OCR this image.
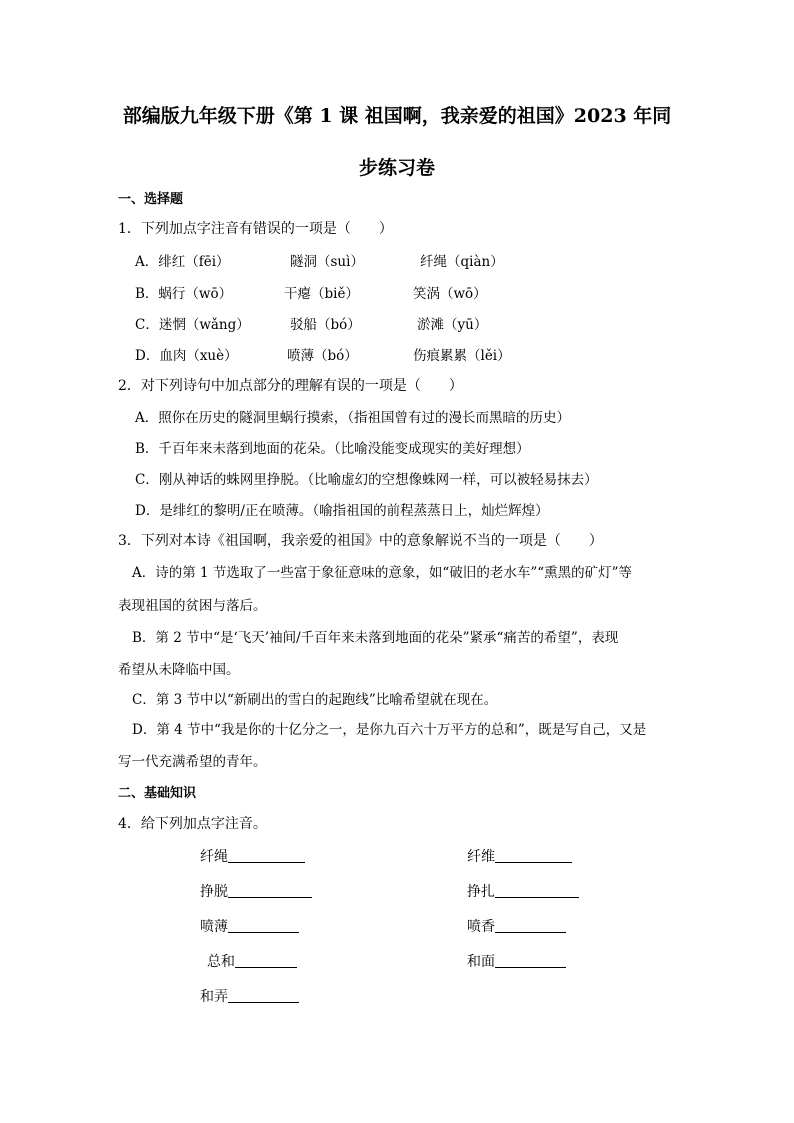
部编版九年级下册《第 1 课 祖国啊，我亲爱的祖国》2023 年同
步练习卷
一、选择题
1．下列加点字注音有错误的一项是（　　）
A．绯红（fēi）	隧洞（suì）	纤绳（qiàn）
B．蜗行（wō）	干瘪（biě）	笑涡（wō）
C．迷惘（wǎng）	驳船（bó）	淤滩（yū）
D．血肉（xuè）	喷薄（bó）	伤痕累累（lěi）
2．对下列诗句中加点部分的理解有误的一项是（　　）
A．照你在历史的隧洞里蜗行摸索，（指祖国曾有过的漫长而黑暗的历史）
B．千百年来未落到地面的花朵。（比喻没能变成现实的美好理想）
C．刚从神话的蛛网里挣脱。（比喻虚幻的空想像蛛网一样，可以被轻易抹去）
D．是绯红的黎明/正在喷薄。（喻指祖国的前程蒸蒸日上，灿烂辉煌）
3．下列对本诗《祖国啊，我亲爱的祖国》中的意象解说不当的一项是（　　）
A．诗的第 1 节选取了一些富于象征意味的意象，如“破旧的老水车”“熏黑的矿灯”等
表现祖国的贫困与落后。
B．第 2 节中“是‘飞天’袖间/千百年来未落到地面的花朵”紧承“痛苦的希望”，表现
希望从未降临中国。
C．第 3 节中以“新刷出的雪白的起跑线”比喻希望就在现在。
D．第 4 节中“我是你的十亿分之一，是你九百六十万平方的总和”，既是写自己，又是
写一代充满希望的青年。
二、基础知识
4．给下列加点字注音。
纤绳	纤维
挣脱	挣扎
喷薄	喷香
总和	和面
和弄
